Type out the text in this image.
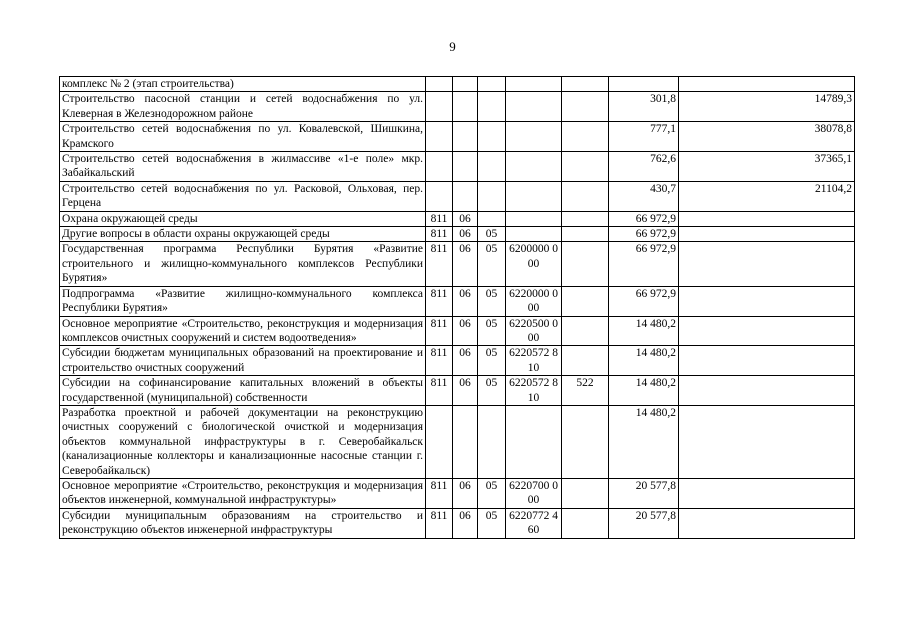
9
комплекс № 2 (этап строительства)							
Строительство пасосной станции и сетей водоснабжения по ул. Клеверная в Железнодорожном районе						301,8	14789,3
Строительство сетей водоснабжения по ул. Ковалевской, Шишкина, Крамского						777,1	38078,8
Строительство сетей водоснабжения в жилмассиве «1-е поле» мкр. Забайкальский						762,6	37365,1
Строительство сетей водоснабжения по ул. Расковой, Ольховая, пер. Герцена						430,7	21104,2
Охрана окружающей среды	811	06				66 972,9	
Другие вопросы в области охраны окружающей среды	811	06	05			66 972,9	
Государственная программа Республики Бурятия «Развитие строительного и жилищно-коммунального комплексов Республики Бурятия»	811	06	05	6200000 000		66 972,9	
Подпрограмма «Развитие жилищно-коммунального комплекса Республики Бурятия»	811	06	05	6220000 000		66 972,9	
Основное мероприятие «Строительство, реконструкция и модернизация комплексов очистных сооружений и систем водоотведения»	811	06	05	6220500 000		14 480,2	
Субсидии бюджетам муниципальных образований на проектирование и строительство очистных сооружений	811	06	05	6220572 810		14 480,2	
Субсидии на софинансирование капитальных вложений в объекты государственной (муниципальной) собственности	811	06	05	6220572 810	522	14 480,2	
Разработка проектной и рабочей документации на реконструкцию очистных сооружений с биологической очисткой и модернизация объектов коммунальной инфраструктуры в г. Северобайкальск (канализационные коллекторы и канализационные насосные станции г. Северобайкальск)						14 480,2	
Основное мероприятие «Строительство, реконструкция и модернизация объектов инженерной, коммунальной инфраструктуры»	811	06	05	6220700 000		20 577,8	
Субсидии муниципальным образованиям на строительство и реконструкцию объектов инженерной инфраструктуры	811	06	05	6220772 460		20 577,8	
